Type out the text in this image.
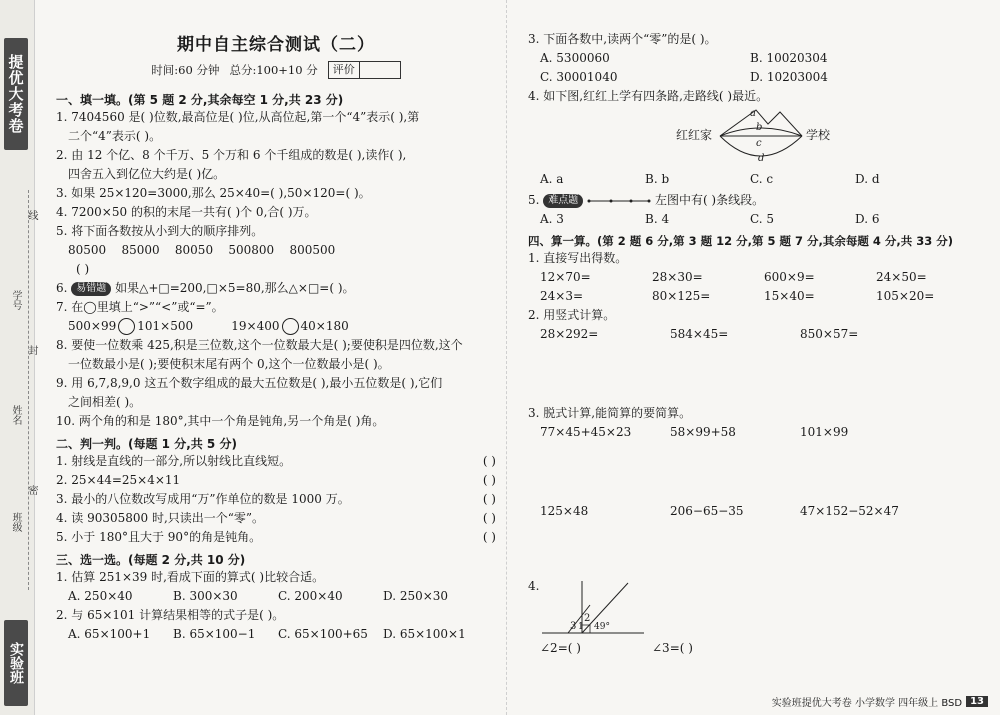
提优大考卷
学号
线
封
姓名
密
班级
实验班
期中自主综合测试（二）
时间:60 分钟 总分:100+10 分	评价
一、填一填。(第 5 题 2 分,其余每空 1 分,共 23 分)
1. 7404560 是( )位数,最高位是( )位,从高位起,第一个“4”表示( ),第
二个“4”表示( )。
2. 由 12 个亿、8 个千万、5 个万和 6 个千组成的数是( ),读作( ),
四舍五入到亿位大约是( )亿。
3. 如果 25×120=3000,那么 25×40=( ),50×120=( )。
4. 7200×50 的积的末尾一共有( )个 0,合( )万。
5. 将下面各数按从小到大的顺序排列。
80500 85000 80050 500800 800500
( )
6. 易错题 如果△+□=200,□×5=80,那么△×□=( )。
7. 在◯里填上“>”“<”或“=”。
500×99 101×500	19×400 40×180
8. 要使一位数乘 425,积是三位数,这个一位数最大是( );要使积是四位数,这个
一位数最小是( );要使积末尾有两个 0,这个一位数最小是( )。
9. 用 6,7,8,9,0 这五个数字组成的最大五位数是( ),最小五位数是( ),它们
之间相差( )。
10. 两个角的和是 180°,其中一个角是钝角,另一个角是( )角。
二、判一判。(每题 1 分,共 5 分)
1. 射线是直线的一部分,所以射线比直线短。	( )
2. 25×44=25×4×11	( )
3. 最小的八位数改写成用“万”作单位的数是 1000 万。	( )
4. 读 90305800 时,只读出一个“零”。	( )
5. 小于 180°且大于 90°的角是钝角。	( )
三、选一选。(每题 2 分,共 10 分)
1. 估算 251×39 时,看成下面的算式( )比较合适。
A. 250×40	B. 300×30	C. 200×40	D. 250×30
2. 与 65×101 计算结果相等的式子是( )。
A. 65×100+1	B. 65×100−1	C. 65×100+65	D. 65×100×1
3. 下面各数中,读两个“零”的是( )。
A. 5300060	B. 10020304
C. 30001040	D. 10203004
4. 如下图,红红上学有四条路,走路线( )最近。
红红家	学校
a
b
c
d
A. a	B. b	C. c	D. d
5. 难点题	左图中有( )条线段。
A. 3	B. 4	C. 5	D. 6
四、算一算。(第 2 题 6 分,第 3 题 12 分,第 5 题 7 分,其余每题 4 分,共 33 分)
1. 直接写出得数。
12×70=	28×30=	600×9=	24×50=
24×3=	80×125=	15×40=	105×20=
2. 用竖式计算。
28×292=	584×45=	850×57=
3. 脱式计算,能简算的要简算。
77×45+45×23	58×99+58	101×99
125×48	206−65−35	47×152−52×47
4.
3
2
1 49°
∠2=( )	∠3=( )
实验班提优大考卷 小学数学 四年级上 BSD 13
